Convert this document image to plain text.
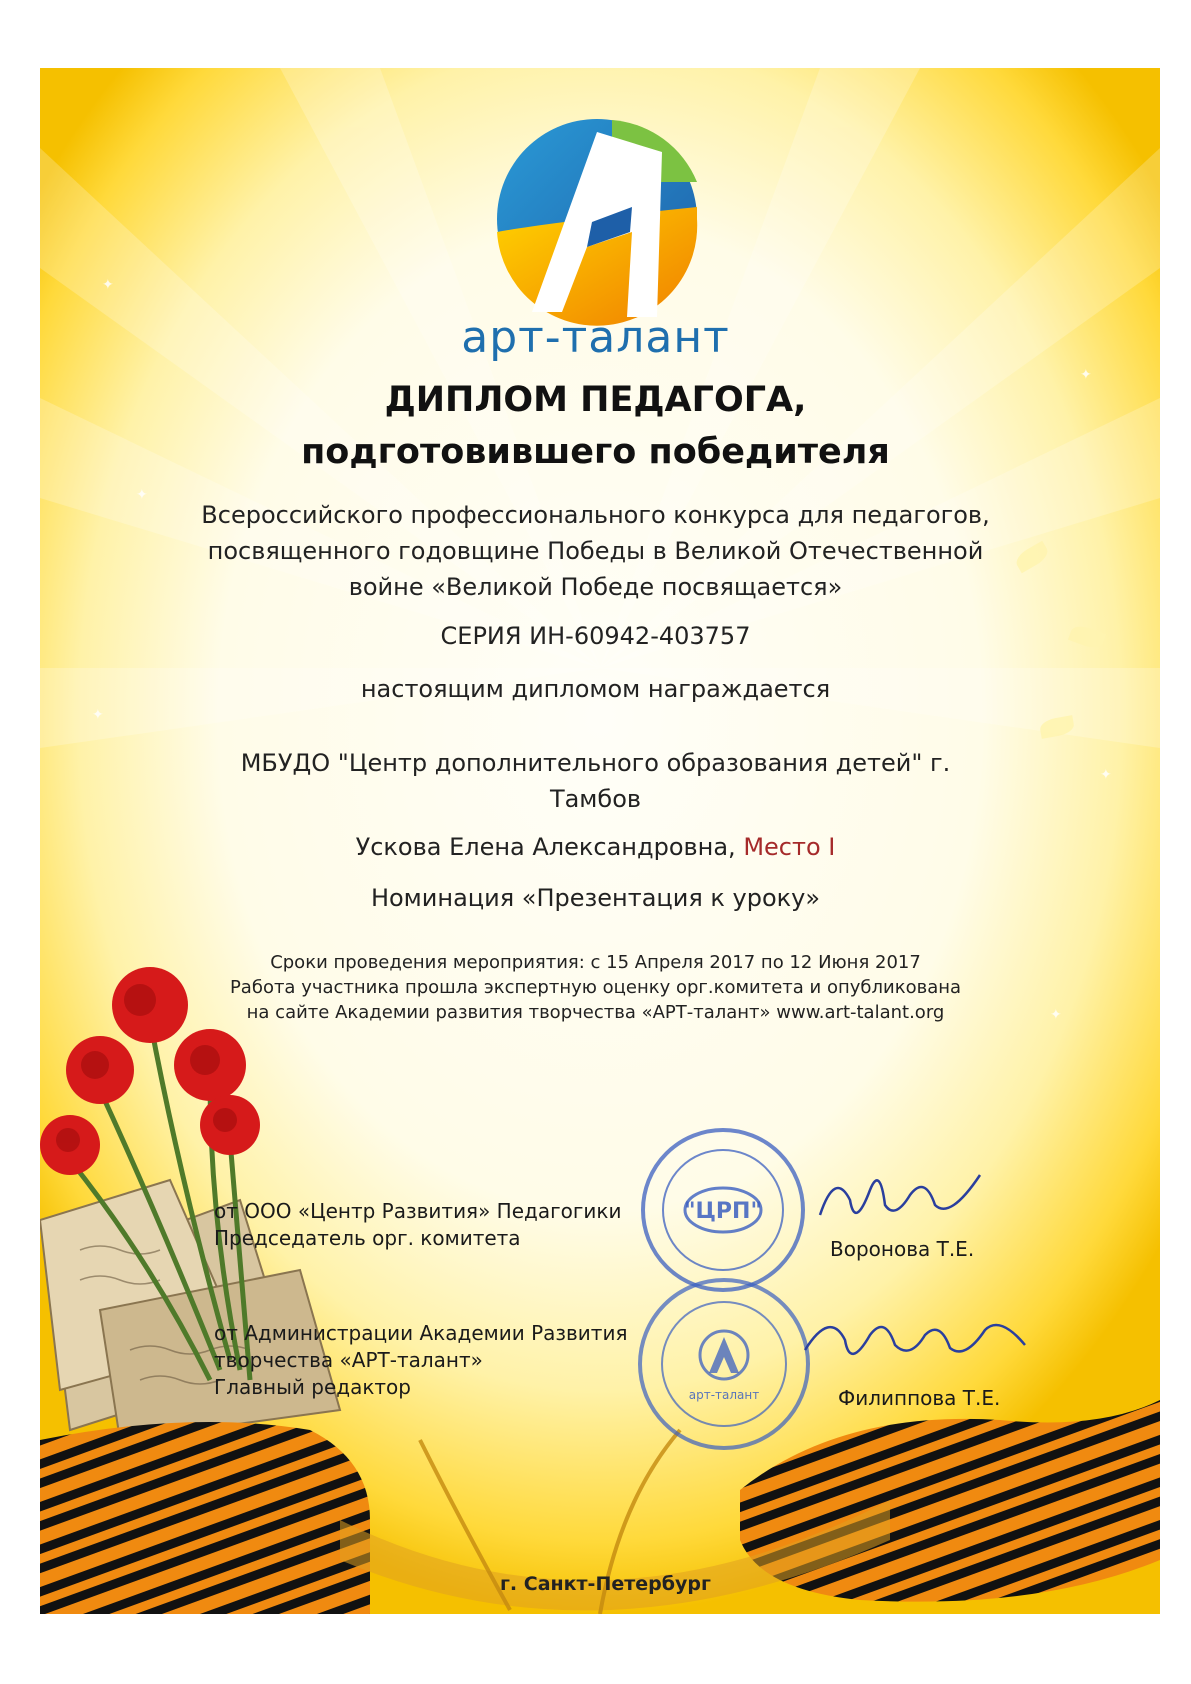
✦
✦
✦
✦
✦
✦
арт-талант
ДИПЛОМ ПЕДАГОГА,
подготовившего победителя
Всероссийского профессионального конкурса для педагогов,
посвященного годовщине Победы в Великой Отечественной
войне «Великой Победе посвящается»
СЕРИЯ ИН-60942-403757
настоящим дипломом награждается
МБУДО "Центр дополнительного образования детей" г.
Тамбов
Ускова Елена Александровна, Место I
Номинация «Презентация к уроку»
Сроки проведения мероприятия: с 15 Апреля 2017 по 12 Июня 2017
Работа участника прошла экспертную оценку орг.комитета и опубликована
на сайте Академии развития творчества «АРТ-талант» www.art-talant.org
"ЦРП"
арт-талант
от ООО «Центр Развития» Педагогики
Председатель орг. комитета	Воронова Т.Е.
от Администрации Академии Развития
творчества «АРТ-талант»
Главный редактор	Филиппова Т.Е.
г. Санкт-Петербург
